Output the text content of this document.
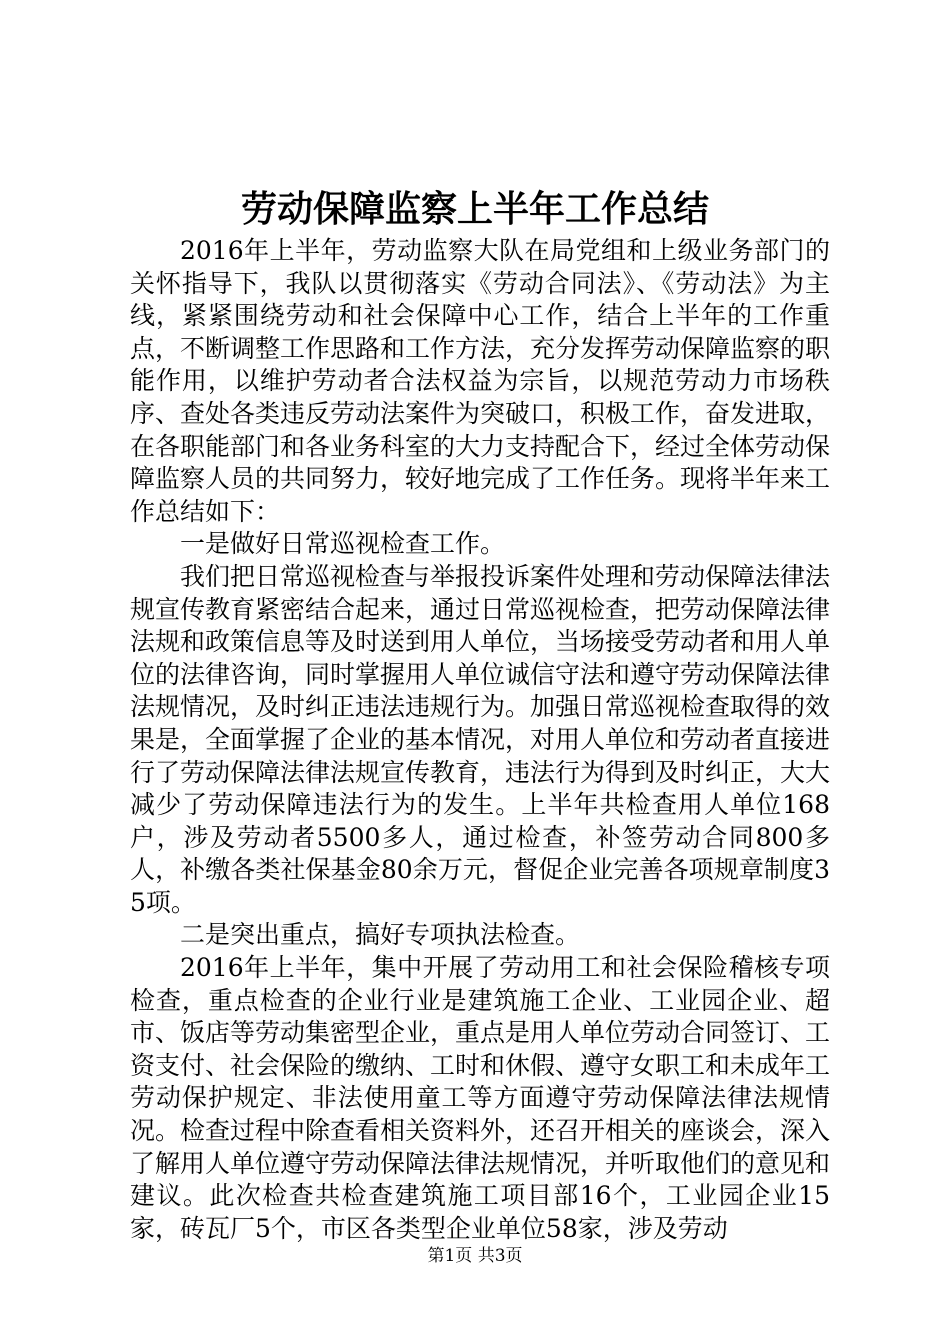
劳动保障监察上半年工作总结

2016年上半年，劳动监察大队在局党组和上级业务部门的关怀指导下，我队以贯彻落实《劳动合同法》、《劳动法》为主线，紧紧围绕劳动和社会保障中心工作，结合上半年的工作重点，不断调整工作思路和工作方法，充分发挥劳动保障监察的职能作用，以维护劳动者合法权益为宗旨，以规范劳动力市场秩序、查处各类违反劳动法案件为突破口，积极工作，奋发进取，在各职能部门和各业务科室的大力支持配合下，经过全体劳动保障监察人员的共同努力，较好地完成了工作任务。现将半年来工作总结如下：

一是做好日常巡视检查工作。

我们把日常巡视检查与举报投诉案件处理和劳动保障法律法规宣传教育紧密结合起来，通过日常巡视检查，把劳动保障法律法规和政策信息等及时送到用人单位，当场接受劳动者和用人单位的法律咨询，同时掌握用人单位诚信守法和遵守劳动保障法律法规情况，及时纠正违法违规行为。加强日常巡视检查取得的效果是，全面掌握了企业的基本情况，对用人单位和劳动者直接进行了劳动保障法律法规宣传教育，违法行为得到及时纠正，大大减少了劳动保障违法行为的发生。上半年共检查用人单位168户，涉及劳动者5500多人，通过检查，补签劳动合同800多人，补缴各类社保基金80余万元，督促企业完善各项规章制度35项。

二是突出重点，搞好专项执法检查。

2016年上半年，集中开展了劳动用工和社会保险稽核专项检查，重点检查的企业行业是建筑施工企业、工业园企业、超市、饭店等劳动集密型企业，重点是用人单位劳动合同签订、工资支付、社会保险的缴纳、工时和休假、遵守女职工和未成年工劳动保护规定、非法使用童工等方面遵守劳动保障法律法规情况。检查过程中除查看相关资料外，还召开相关的座谈会，深入了解用人单位遵守劳动保障法律法规情况，并听取他们的意见和建议。此次检查共检查建筑施工项目部16个，工业园企业15家，砖瓦厂5个，市区各类型企业单位58家，涉及劳动

第1页 共3页
